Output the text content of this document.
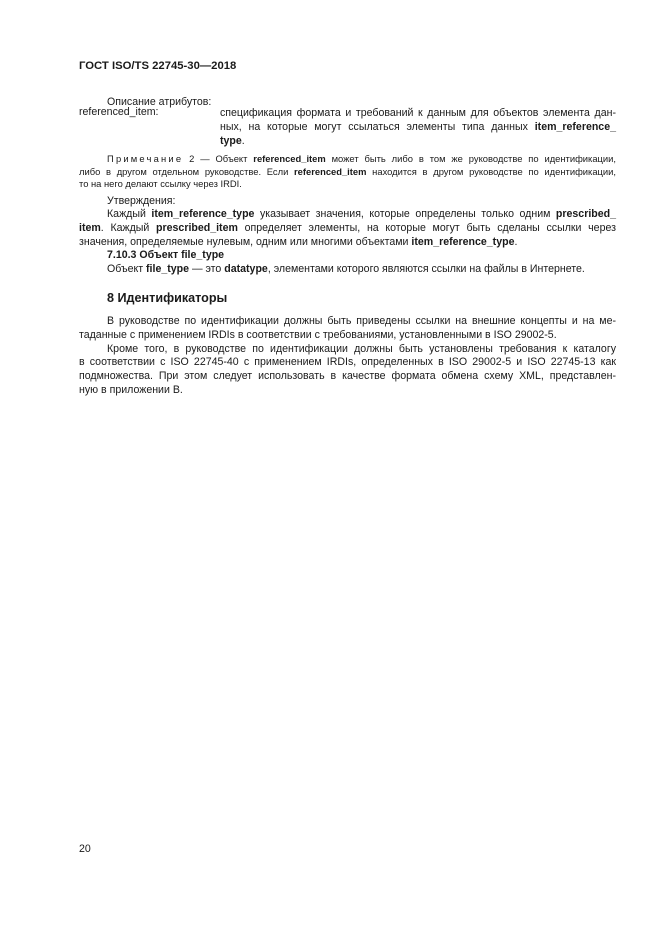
ГОСТ ISO/TS 22745-30—2018
Описание атрибутов:
referenced_item:	спецификация формата и требований к данным для объектов элемента дан-
ных, на которые могут ссылаться элементы типа данных item_reference_
type.
Примечание 2 — Объект referenced_item может быть либо в том же руководстве по идентификации,
либо в другом отдельном руководстве. Если referenced_item находится в другом руководстве по идентификации,
то на него делают ссылку через IRDI.
Утверждения:
Каждый item_reference_type указывает значения, которые определены только одним prescribed_
item. Каждый prescribed_item определяет элементы, на которые могут быть сделаны ссылки через
значения, определяемые нулевым, одним или многими объектами item_reference_type.
7.10.3 Объект file_type
Объект file_type — это datatype, элементами которого являются ссылки на файлы в Интернете.
8 Идентификаторы
В руководстве по идентификации должны быть приведены ссылки на внешние концепты и на ме-
таданные с применением IRDIs в соответствии с требованиями, установленными в ISO 29002-5.
Кроме того, в руководстве по идентификации должны быть установлены требования к каталогу
в соответствии с ISO 22745-40 с применением IRDIs, определенных в ISO 29002-5 и ISO 22745-13 как
подмножества. При этом следует использовать в качестве формата обмена схему XML, представлен-
ную в приложении В.
20
